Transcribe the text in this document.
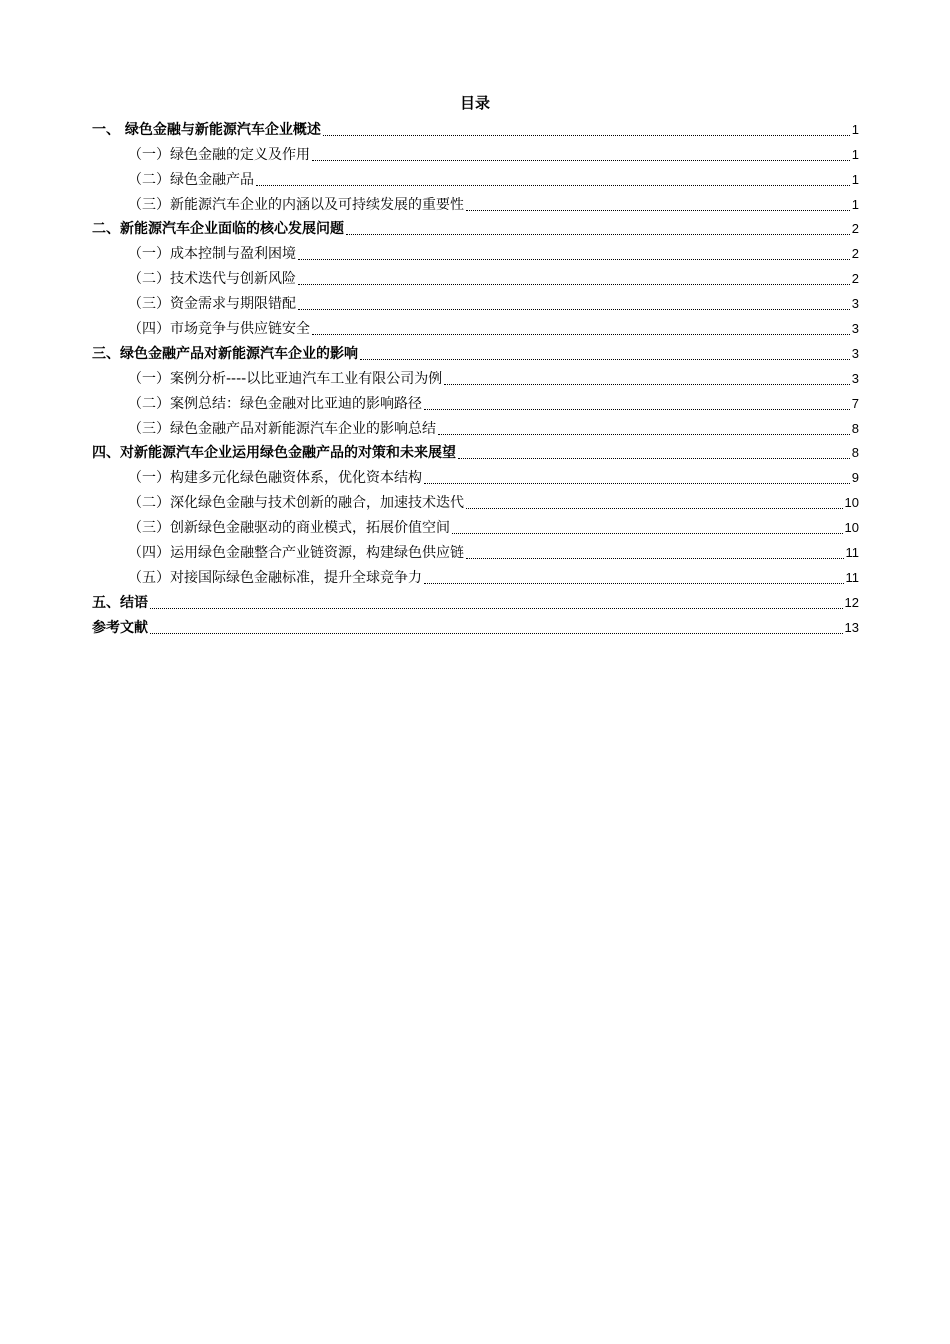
目录
一、 绿色金融与新能源汽车企业概述	1
（一）绿色金融的定义及作用	1
（二）绿色金融产品	1
（三）新能源汽车企业的内涵以及可持续发展的重要性	1
二、新能源汽车企业面临的核心发展问题	2
（一）成本控制与盈利困境	2
（二）技术迭代与创新风险	2
（三）资金需求与期限错配	3
（四）市场竞争与供应链安全	3
三、绿色金融产品对新能源汽车企业的影响	3
（一）案例分析----以比亚迪汽车工业有限公司为例	3
（二）案例总结：绿色金融对比亚迪的影响路径	7
（三）绿色金融产品对新能源汽车企业的影响总结	8
四、对新能源汽车企业运用绿色金融产品的对策和未来展望	8
（一）构建多元化绿色融资体系，优化资本结构	9
（二）深化绿色金融与技术创新的融合，加速技术迭代	10
（三）创新绿色金融驱动的商业模式，拓展价值空间	10
（四）运用绿色金融整合产业链资源，构建绿色供应链	11
（五）对接国际绿色金融标准，提升全球竞争力	11
五、结语	12
参考文献	13
